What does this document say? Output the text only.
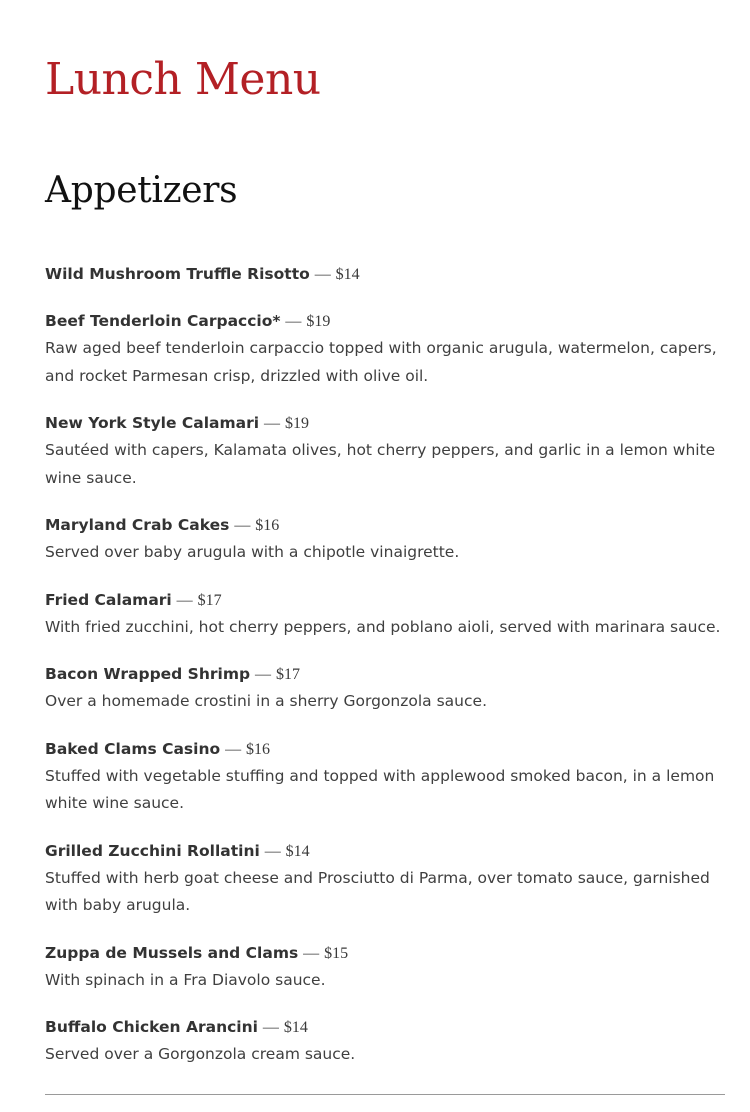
Lunch Menu
Appetizers
Wild Mushroom Truffle Risotto — $14
Beef Tenderloin Carpaccio* — $19
Raw aged beef tenderloin carpaccio topped with organic arugula, watermelon, capers, and rocket Parmesan crisp, drizzled with olive oil.
New York Style Calamari — $19
Sautéed with capers, Kalamata olives, hot cherry peppers, and garlic in a lemon white wine sauce.
Maryland Crab Cakes — $16
Served over baby arugula with a chipotle vinaigrette.
Fried Calamari — $17
With fried zucchini, hot cherry peppers, and poblano aioli, served with marinara sauce.
Bacon Wrapped Shrimp — $17
Over a homemade crostini in a sherry Gorgonzola sauce.
Baked Clams Casino — $16
Stuffed with vegetable stuffing and topped with applewood smoked bacon, in a lemon white wine sauce.
Grilled Zucchini Rollatini — $14
Stuffed with herb goat cheese and Prosciutto di Parma, over tomato sauce, garnished with baby arugula.
Zuppa de Mussels and Clams — $15
With spinach in a Fra Diavolo sauce.
Buffalo Chicken Arancini — $14
Served over a Gorgonzola cream sauce.
